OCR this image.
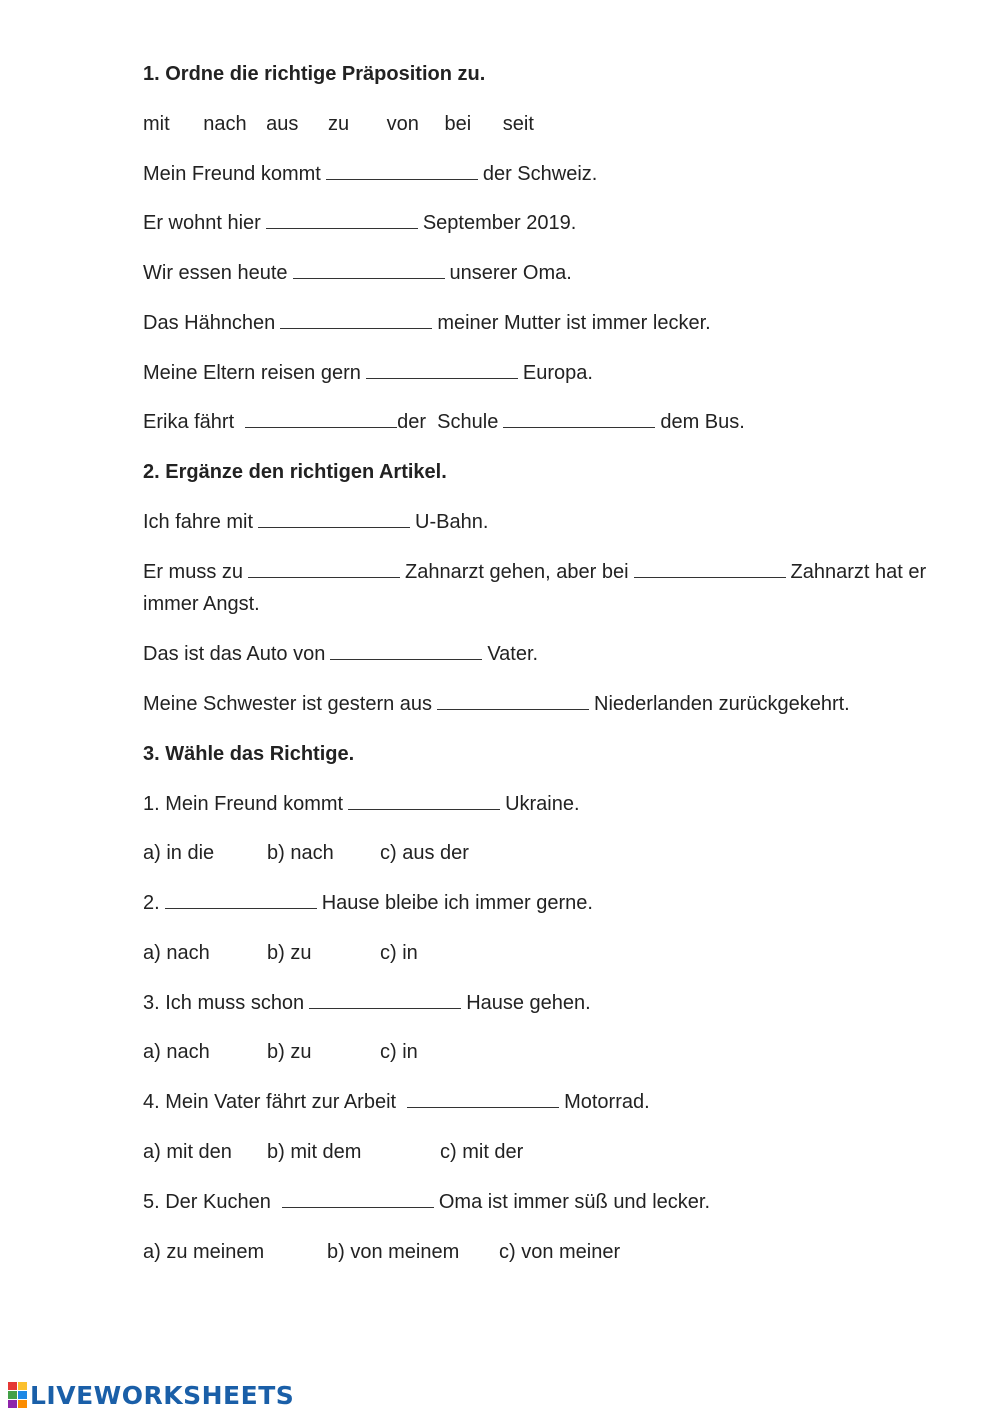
1. Ordne die richtige Präposition zu.
mit nach aus zu von bei seit
Mein Freund kommt	der Schweiz.
Er wohnt hier	September 2019.
Wir essen heute	unserer Oma.
Das Hähnchen	meiner Mutter ist immer lecker.
Meine Eltern reisen gern	Europa.
Erika fährt	der  Schule	dem Bus.
2. Ergänze den richtigen Artikel.
Ich fahre mit	U-Bahn.
Er muss zu	Zahnarzt gehen, aber bei	Zahnarzt hat er immer Angst.
Das ist das Auto von	Vater.
Meine Schwester ist gestern aus	Niederlanden zurückgekehrt.
3. Wähle das Richtige.
1. Mein Freund kommt	Ukraine.
a) in die	b) nach c) aus der
2.	Hause bleibe ich immer gerne.
a) nach	b) zu	c) in
3. Ich muss schon	Hause gehen.
a) nach	b) zu	c) in
4. Mein Vater fährt zur Arbeit	Motorrad.
a) mit den b) mit dem	c) mit der
5. Der Kuchen	Oma ist immer süß und lecker.
a) zu meinem	b) von meinem c) von meiner
LIVEWORKSHEETS
